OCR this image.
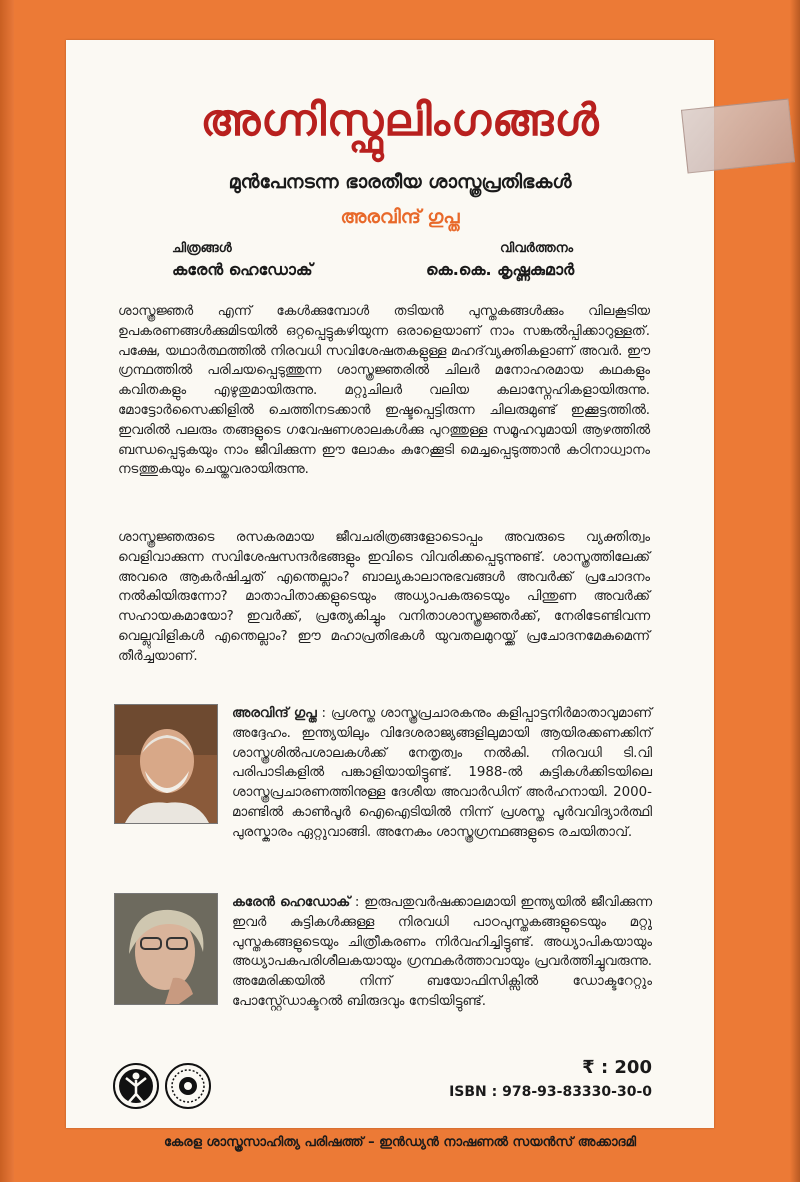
അഗ്നിസ്ഫുലിംഗങ്ങൾ
മുൻപേനടന്ന ഭാരതീയ ശാസ്ത്രപ്രതിഭകൾ
അരവിന്ദ് ഗുപ്ത
ചിത്രങ്ങൾ
കരേൻ ഹെഡോക്
വിവർത്തനം
കെ.കെ. കൃഷ്ണകുമാർ

ശാസ്ത്രജ്ഞർ എന്ന് കേൾക്കുമ്പോൾ തടിയൻ പുസ്തകങ്ങൾക്കും വിലകൂടിയ ഉപകരണങ്ങൾക്കുമിടയിൽ ഒറ്റപ്പെട്ടുകഴിയുന്ന ഒരാളെയാണ് നാം സങ്കൽപ്പിക്കാറുള്ളത്. പക്ഷേ, യഥാർത്ഥത്തിൽ നിരവധി സവിശേഷതകളുള്ള മഹദ്‌വ്യക്തികളാണ് അവർ. ഈ ഗ്രന്ഥത്തിൽ പരിചയപ്പെടുത്തുന്ന ശാസ്ത്രജ്ഞരിൽ ചിലർ മനോഹരമായ കഥകളും കവിതകളും എഴുതുമായിരുന്നു. മറ്റുചിലർ വലിയ കലാസ്നേഹികളായിരുന്നു. മോട്ടോർസൈക്കിളിൽ ചെത്തിനടക്കാൻ ഇഷ്ടപ്പെട്ടിരുന്ന ചിലരുമുണ്ട് ഇക്കൂട്ടത്തിൽ. ഇവരിൽ പലരും തങ്ങളുടെ ഗവേഷണശാലകൾക്കു പുറത്തുള്ള സമൂഹവുമായി ആഴത്തിൽ ബന്ധപ്പെടുകയും നാം ജീവിക്കുന്ന ഈ ലോകം കുറേക്കൂടി മെച്ചപ്പെടുത്താൻ കഠിനാധ്വാനം നടത്തുകയും ചെയ്തവരായിരുന്നു.

ശാസ്ത്രജ്ഞരുടെ രസകരമായ ജീവചരിത്രങ്ങളോടൊപ്പം അവരുടെ വ്യക്തിത്വം വെളിവാക്കുന്ന സവിശേഷസന്ദർഭങ്ങളും ഇവിടെ വിവരിക്കപ്പെടുന്നുണ്ട്. ശാസ്ത്രത്തിലേക്ക് അവരെ ആകർഷിച്ചത് എന്തെല്ലാം? ബാല്യകാലാനുഭവങ്ങൾ അവർക്ക് പ്രചോദനം നൽകിയിരുന്നോ? മാതാപിതാക്കളുടെയും അധ്യാപകരുടെയും പിന്തുണ അവർക്ക് സഹായകമായോ? ഇവർക്ക്, പ്രത്യേകിച്ചും വനിതാശാസ്ത്രജ്ഞർക്ക്, നേരിടേണ്ടിവന്ന വെല്ലുവിളികൾ എന്തെല്ലാം? ഈ മഹാപ്രതിഭകൾ യുവതലമുറയ്ക്ക് പ്രചോദനമേകുമെന്ന് തീർച്ചയാണ്.

അരവിന്ദ് ഗുപ്ത : പ്രശസ്ത ശാസ്ത്രപ്രചാരകനും കളിപ്പാട്ടനിർമാതാവുമാണ് അദ്ദേഹം. ഇന്ത്യയിലും വിദേശരാജ്യങ്ങളിലുമായി ആയിരക്കണക്കിന് ശാസ്ത്രശിൽപശാലകൾക്ക് നേതൃത്വം നൽകി. നിരവധി ടി.വി പരിപാടികളിൽ പങ്കാളിയായിട്ടുണ്ട്. 1988-ൽ കുട്ടികൾക്കിടയിലെ ശാസ്ത്രപ്രചാരണത്തിനുള്ള ദേശീയ അവാർഡിന് അർഹനായി. 2000-മാണ്ടിൽ കാൺപൂർ ഐഐടിയിൽ നിന്ന് പ്രശസ്ത പൂർവവിദ്യാർത്ഥി പുരസ്കാരം ഏറ്റുവാങ്ങി. അനേകം ശാസ്ത്രഗ്രന്ഥങ്ങളുടെ രചയിതാവ്.
കരേൻ ഹെഡോക് : ഇരുപതുവർഷക്കാലമായി ഇന്ത്യയിൽ ജീവിക്കുന്ന ഇവർ കുട്ടികൾക്കുള്ള നിരവധി പാഠപുസ്തകങ്ങളുടെയും മറ്റു പുസ്തകങ്ങളുടെയും ചിത്രീകരണം നിർവഹിച്ചിട്ടുണ്ട്. അധ്യാപികയായും അധ്യാപകപരിശീലകയായും ഗ്രന്ഥകർത്താവായും പ്രവർത്തിച്ചുവരുന്നു. അമേരിക്കയിൽ നിന്ന് ബയോഫിസിക്സിൽ ഡോക്ടറേറ്റും പോസ്റ്റ്ഡോക്ടറൽ ബിരുദവും നേടിയിട്ടുണ്ട്.
₹ : 200
ISBN : 978-93-83330-30-0
കേരള ശാസ്ത്രസാഹിത്യ പരിഷത്ത് – ഇൻഡ്യൻ നാഷണൽ സയൻസ് അക്കാദമി
